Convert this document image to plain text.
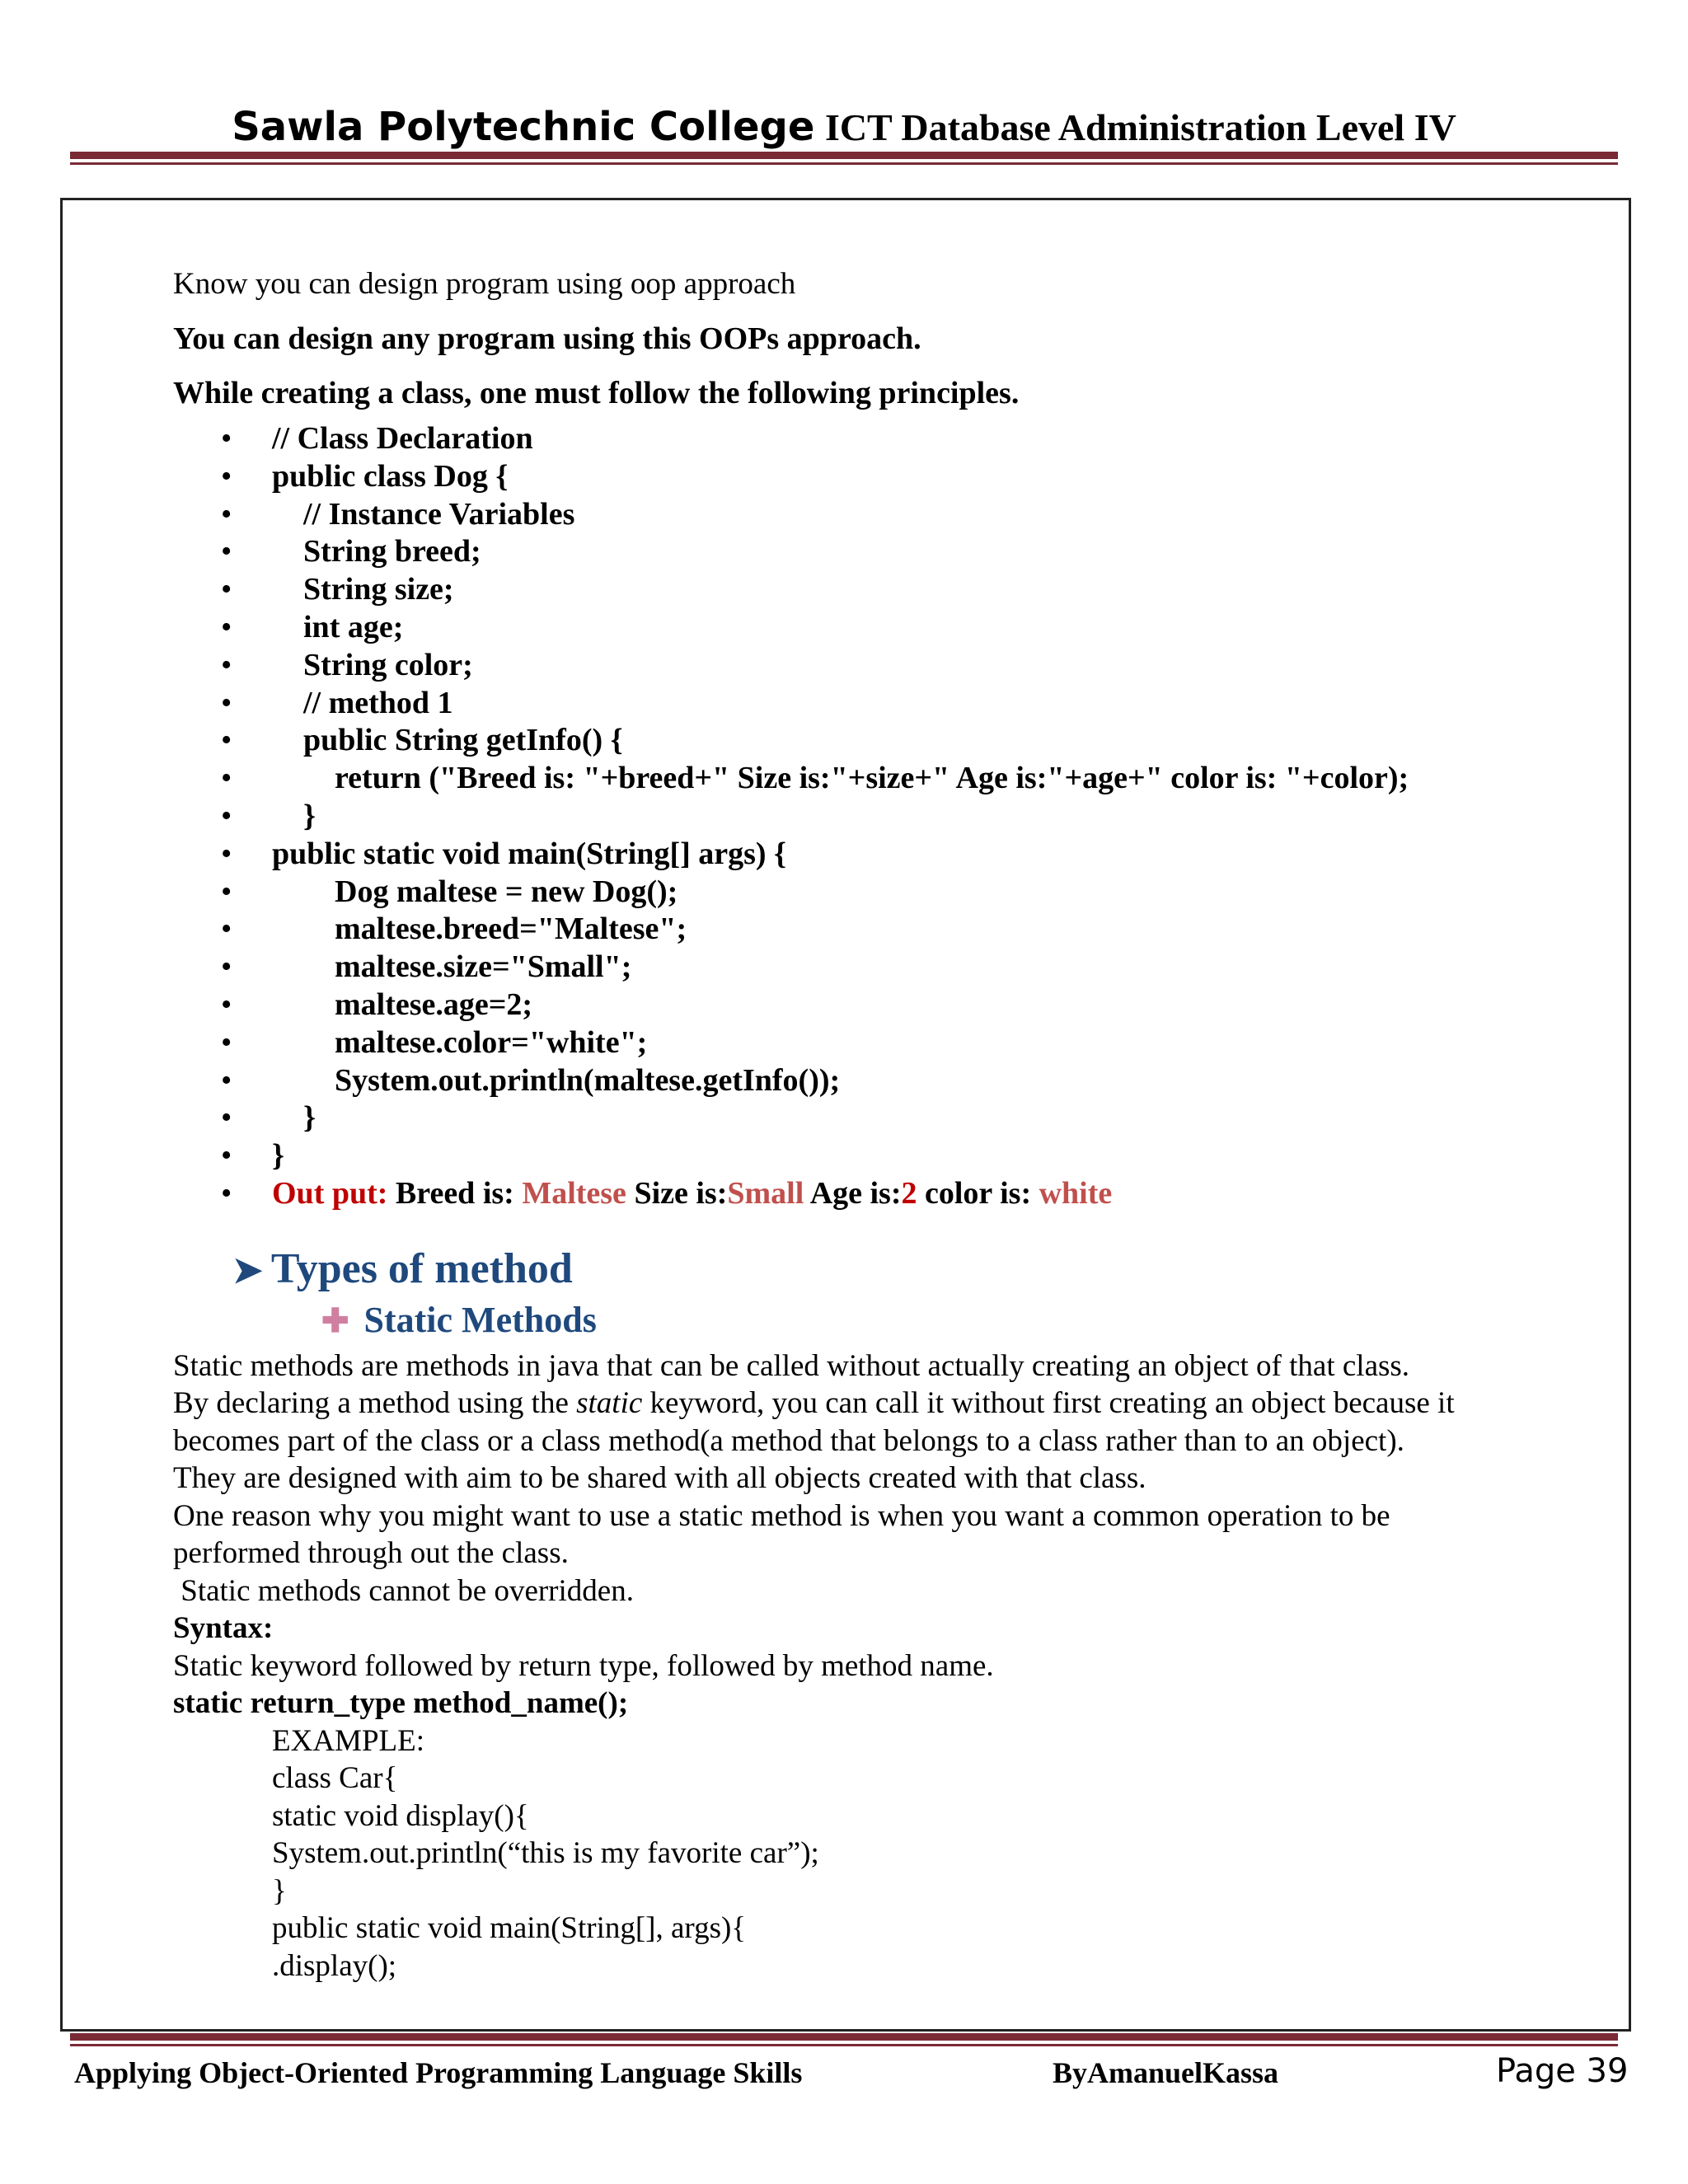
Sawla Polytechnic College ICT Database Administration Level IV

Know you can design program using oop approach

You can design any program using this OOPs approach.

While creating a class, one must follow the following principles.

• // Class Declaration
• public class Dog {
• // Instance Variables
• String breed;
• String size;
• int age;
• String color;
• // method 1
• public String getInfo() {
• return ("Breed is: "+breed+" Size is:"+size+" Age is:"+age+" color is: "+color);
• }
• public static void main(String[] args) {
• Dog maltese = new Dog();
• maltese.breed="Maltese";
• maltese.size="Small";
• maltese.age=2;
• maltese.color="white";
• System.out.println(maltese.getInfo());
• }
• }
• Out put: Breed is: Maltese Size is:Small Age is:2 color is: white
➤ Types of method
✚ Static Methods
Static methods are methods in java that can be called without actually creating an object of that class.
By declaring a method using the static keyword, you can call it without first creating an object because it
becomes part of the class or a class method(a method that belongs to a class rather than to an object).
They are designed with aim to be shared with all objects created with that class.
One reason why you might want to use a static method is when you want a common operation to be
performed through out the class.
Static methods cannot be overridden.
Syntax:
Static keyword followed by return type, followed by method name.
static return_type method_name();
EXAMPLE:
class Car{
static void display(){
System.out.println(“this is my favorite car”);
}
public static void main(String[], args){
.display();
Applying Object-Oriented Programming Language Skills	ByAmanuelKassa	Page 39
